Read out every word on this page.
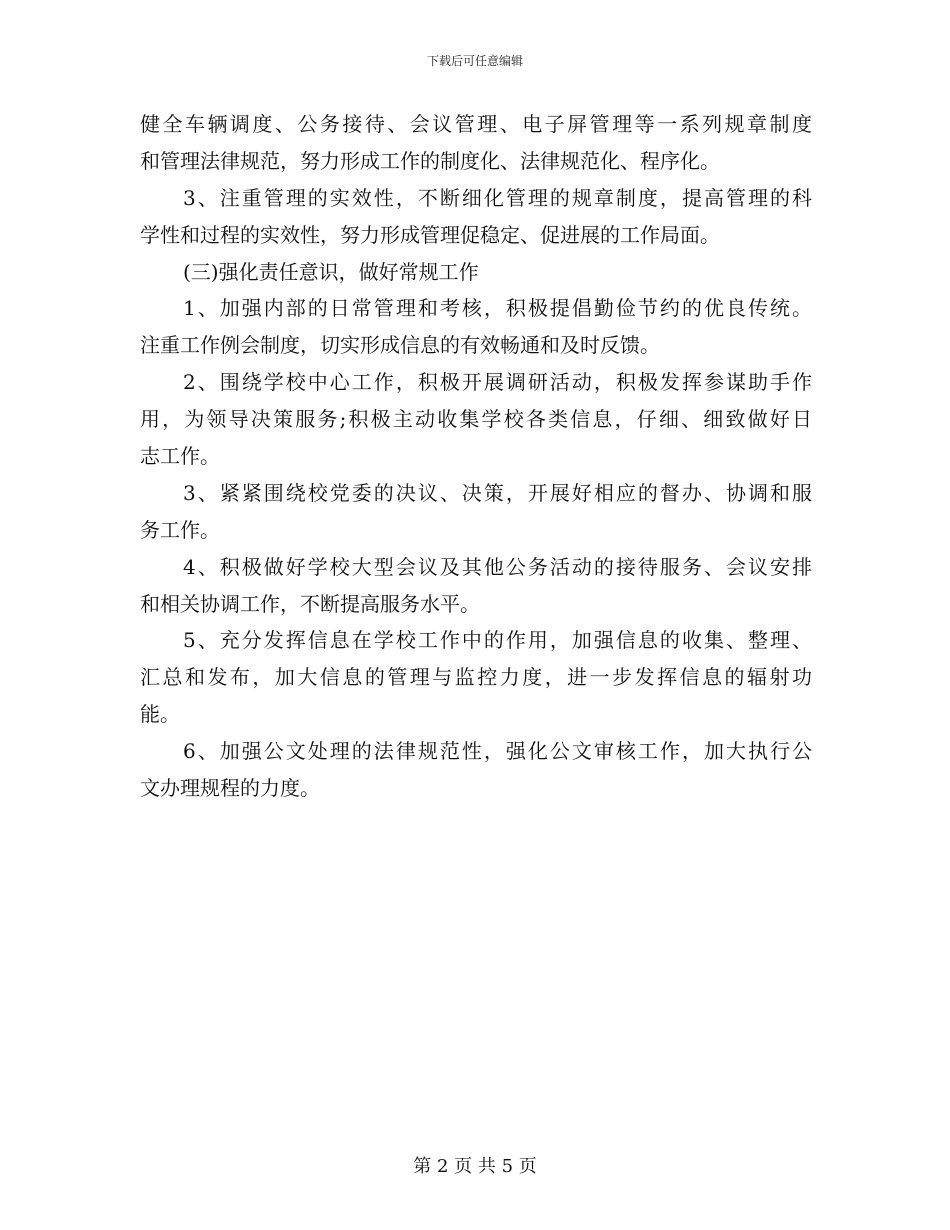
下载后可任意编辑
健全车辆调度、公务接待、会议管理、电子屏管理等一系列规章制度
和管理法律规范，努力形成工作的制度化、法律规范化、程序化。
3、注重管理的实效性，不断细化管理的规章制度，提高管理的科
学性和过程的实效性，努力形成管理促稳定、促进展的工作局面。
(三)强化责任意识，做好常规工作
1、加强内部的日常管理和考核，积极提倡勤俭节约的优良传统。
注重工作例会制度，切实形成信息的有效畅通和及时反馈。
2、围绕学校中心工作，积极开展调研活动，积极发挥参谋助手作
用，为领导决策服务;积极主动收集学校各类信息，仔细、细致做好日
志工作。
3、紧紧围绕校党委的决议、决策，开展好相应的督办、协调和服
务工作。
4、积极做好学校大型会议及其他公务活动的接待服务、会议安排
和相关协调工作，不断提高服务水平。
5、充分发挥信息在学校工作中的作用，加强信息的收集、整理、
汇总和发布，加大信息的管理与监控力度，进一步发挥信息的辐射功
能。
6、加强公文处理的法律规范性，强化公文审核工作，加大执行公
文办理规程的力度。
第 2 页 共 5 页
